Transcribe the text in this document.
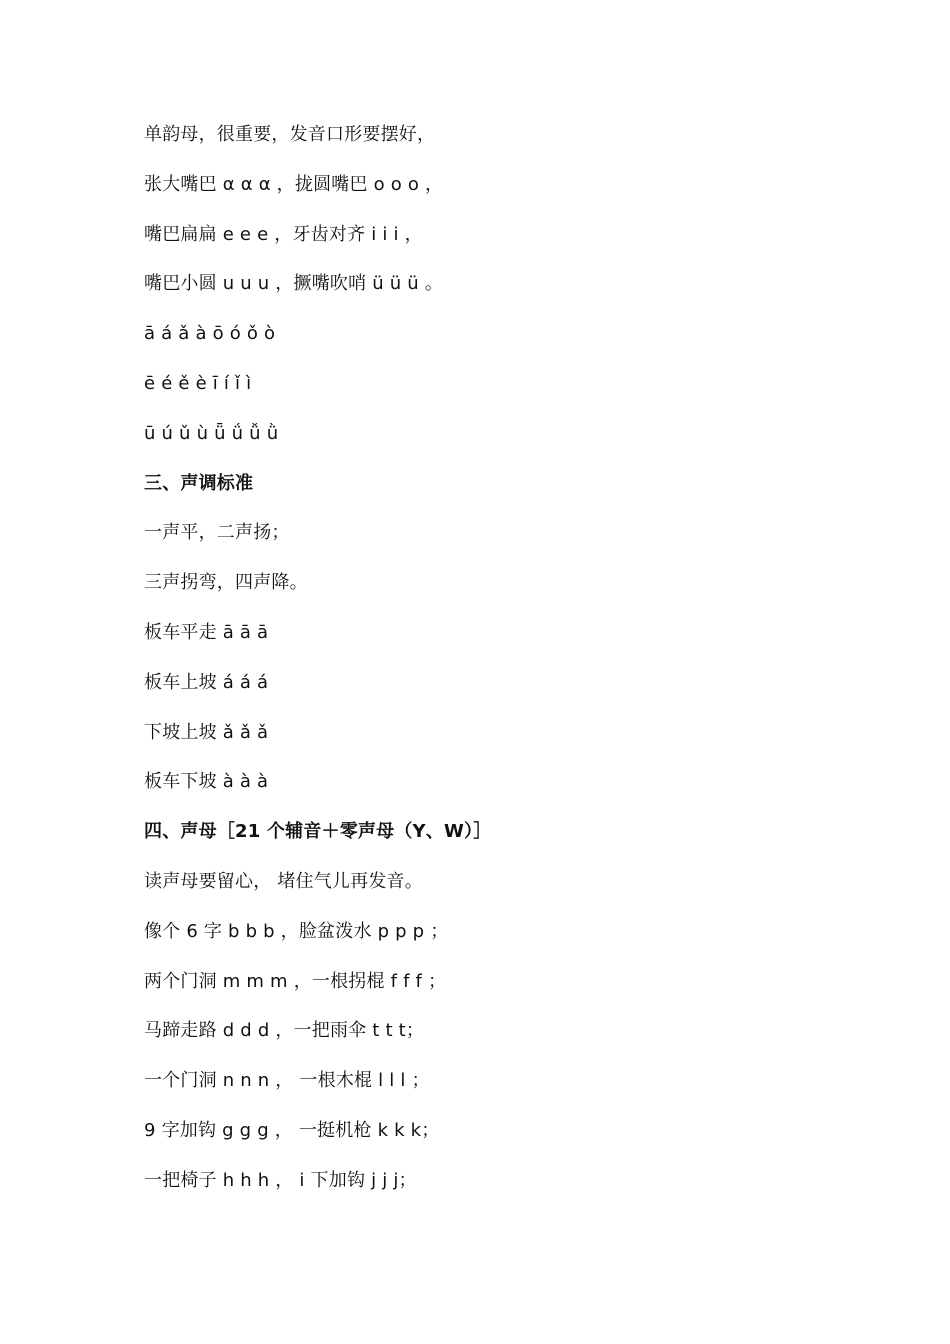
单韵母，很重要，发音口形要摆好，
张大嘴巴 α α α ，拢圆嘴巴 o o o ，
嘴巴扁扁 e e e ，牙齿对齐 i i i ，
嘴巴小圆 u u u ，撅嘴吹哨 ü ü ü 。
ā á ǎ à ō ó ǒ ò
ē é ě è ī í ǐ ì
ū ú ǔ ù ǖ ǘ ǚ ǜ
三、声调标准
一声平，二声扬；
三声拐弯，四声降。
板车平走 ā ā ā
板车上坡 á á á
下坡上坡 ǎ ǎ ǎ
板车下坡 à à à
四、声母［21 个辅音＋零声母（Y、W）］
读声母要留心， 堵住气儿再发音。
像个 6 字 b b b ，脸盆泼水 p p p ；
两个门洞 m m m ，一根拐棍 f f f ；
马蹄走路 d d d ，一把雨伞 t t t；
一个门洞 n n n ， 一根木棍 l l l ；
9 字加钩 g g g ， 一挺机枪 k k k；
一把椅子 h h h ， i 下加钩 j j j；
